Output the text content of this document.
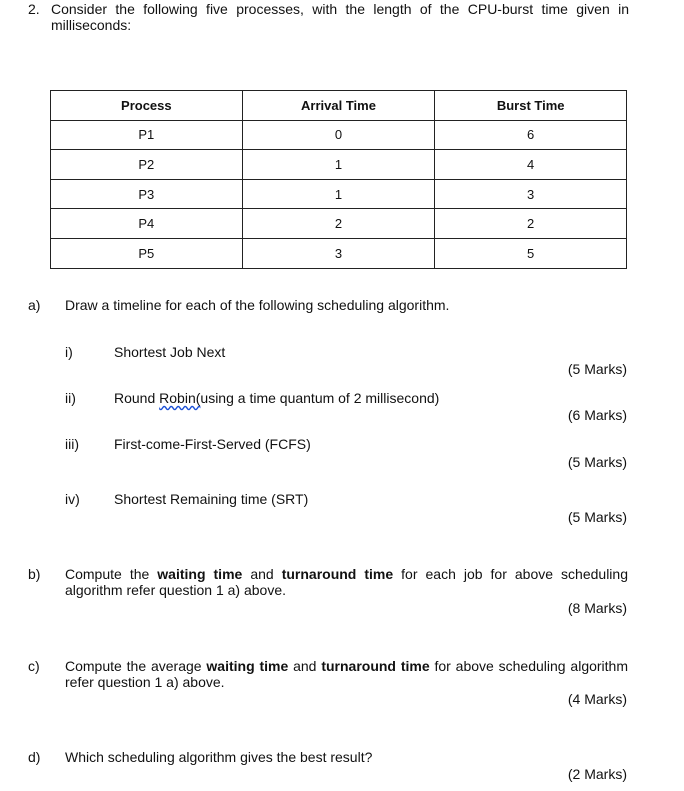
2. Consider the following five processes, with the length of the CPU-burst time given in milliseconds:
Process	Arrival Time	Burst Time
P1	0	6
P2	1	4
P3	1	3
P4	2	2
P5	3	5
a) Draw a timeline for each of the following scheduling algorithm.
i)	Shortest Job Next
(5 Marks)
ii)	Round Robin(using a time quantum of 2 millisecond)
(6 Marks)
iii)	First-come-First-Served (FCFS)
(5 Marks)
iv) Shortest Remaining time (SRT)
(5 Marks)
b) Compute the waiting time and turnaround time for each job for above scheduling algorithm refer question 1 a) above.
(8 Marks)
c) Compute the average waiting time and turnaround time for above scheduling algorithm refer question 1 a) above.
(4 Marks)
d) Which scheduling algorithm gives the best result?
(2 Marks)
